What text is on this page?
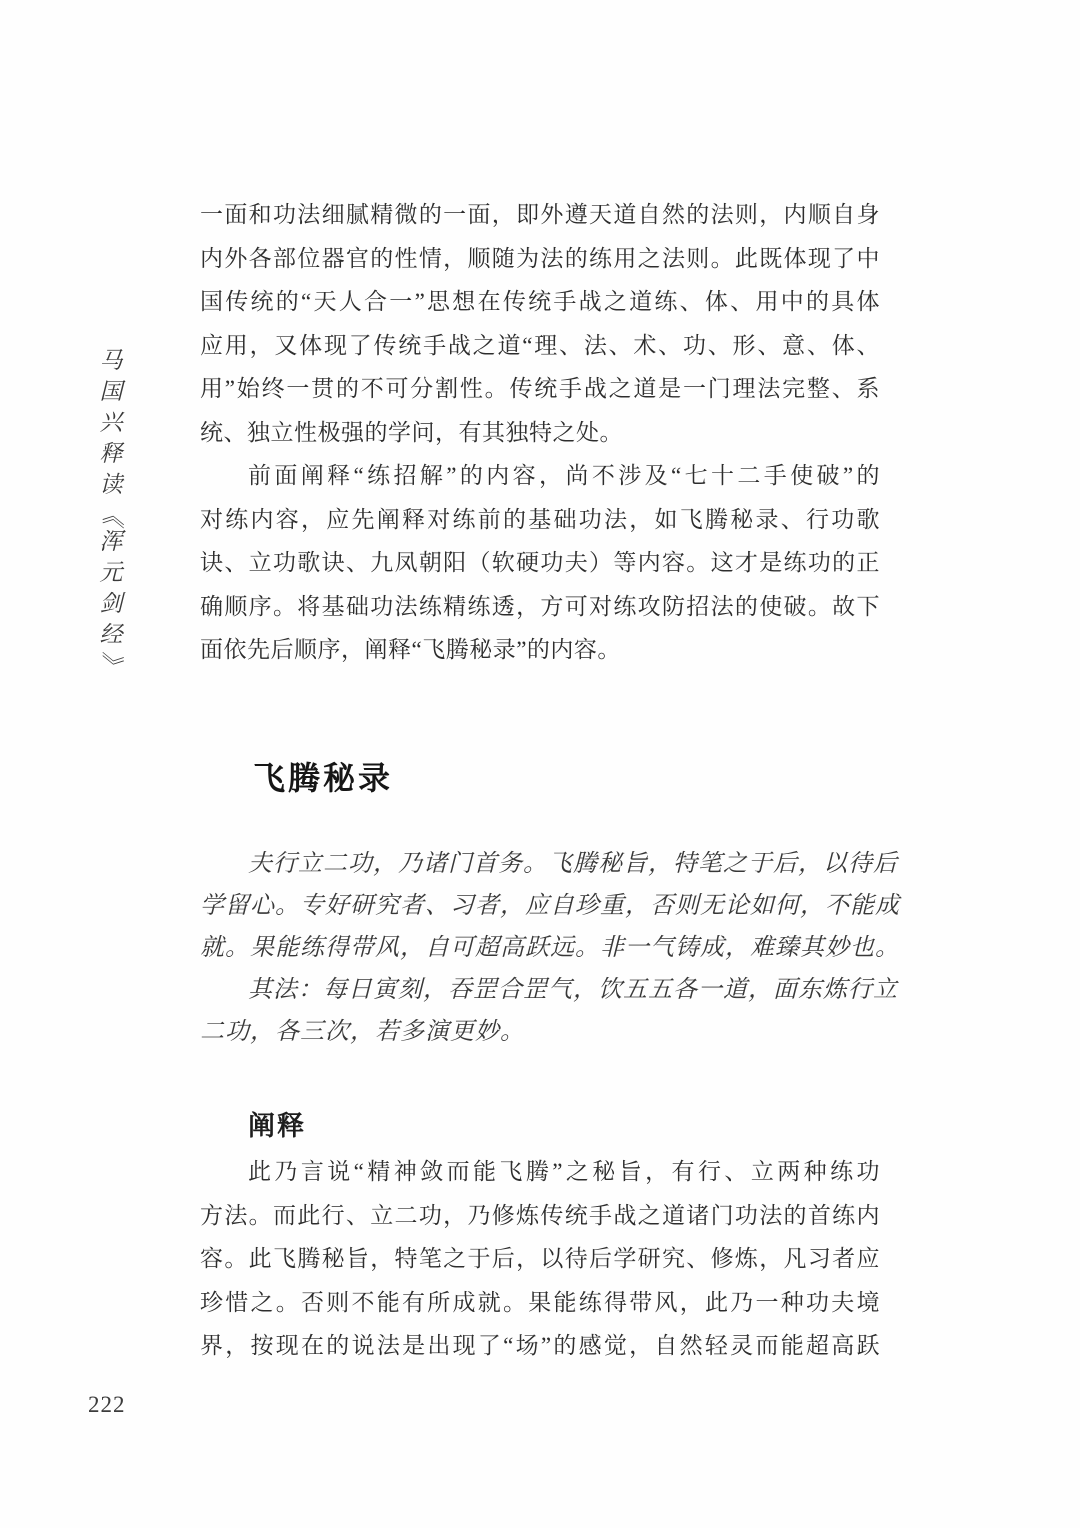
马
国
兴
释
读
《
浑
元
剑
经
》
一面和功法细腻精微的一面，即外遵天道自然的法则，内顺自身
内外各部位器官的性情，顺随为法的练用之法则。此既体现了中
国传统的“天人合一”思想在传统手战之道练、体、用中的具体
应用，又体现了传统手战之道“理、法、术、功、形、意、体、
用”始终一贯的不可分割性。传统手战之道是一门理法完整、系
统、独立性极强的学问，有其独特之处。
前面阐释“练招解”的内容，尚不涉及“七十二手使破”的
对练内容，应先阐释对练前的基础功法，如飞腾秘录、行功歌
诀、立功歌诀、九凤朝阳（软硬功夫）等内容。这才是练功的正
确顺序。将基础功法练精练透，方可对练攻防招法的使破。故下
面依先后顺序，阐释“飞腾秘录”的内容。
飞腾秘录
夫行立二功，乃诸门首务。飞腾秘旨，特笔之于后，以待后
学留心。专好研究者、习者，应自珍重，否则无论如何，不能成
就。果能练得带风，自可超高跃远。非一气铸成，难臻其妙也。
其法：每日寅刻，吞罡合罡气，饮五五各一道，面东炼行立
二功，各三次，若多演更妙。
阐释
此乃言说“精神敛而能飞腾”之秘旨，有行、立两种练功
方法。而此行、立二功，乃修炼传统手战之道诸门功法的首练内
容。此飞腾秘旨，特笔之于后，以待后学研究、修炼，凡习者应
珍惜之。否则不能有所成就。果能练得带风，此乃一种功夫境
界，按现在的说法是出现了“场”的感觉，自然轻灵而能超高跃
222
